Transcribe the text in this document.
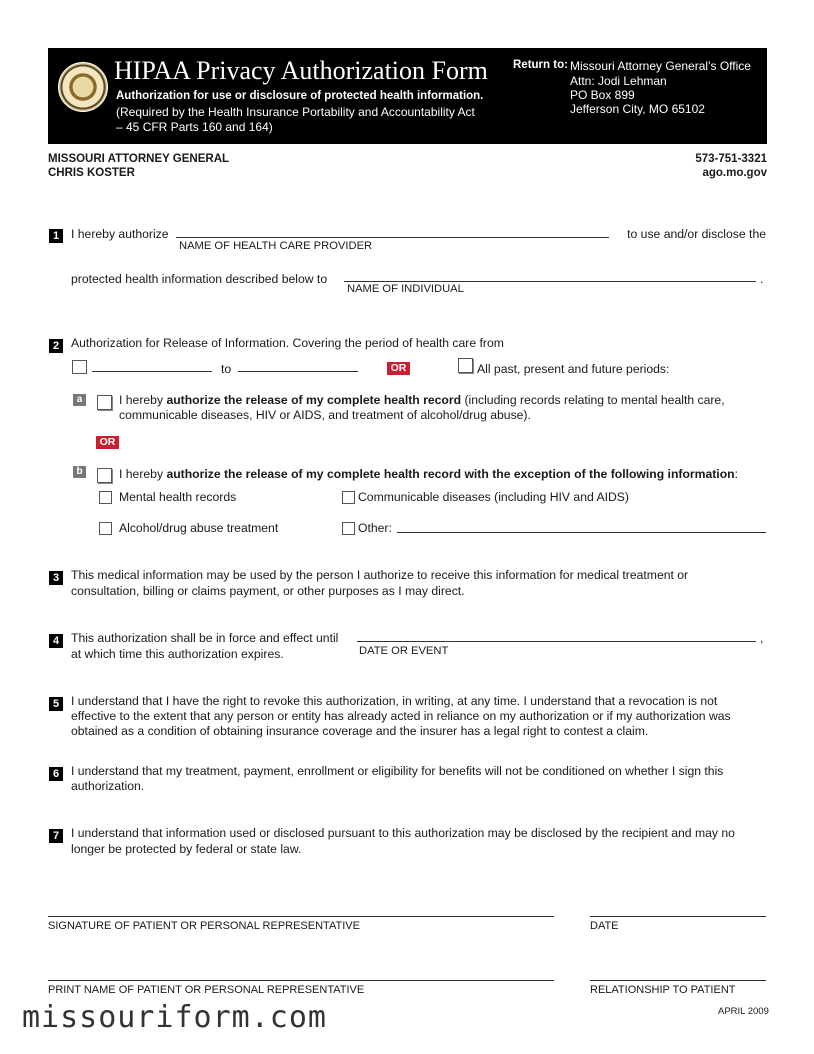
HIPAA Privacy Authorization Form
Authorization for use or disclosure of protected health information.
(Required by the Health Insurance Portability and Accountability Act
– 45 CFR Parts 160 and 164)
Return to: Missouri Attorney General’s Office
Attn: Jodi Lehman
PO Box 899
Jefferson City, MO 65102
MISSOURI ATTORNEY GENERAL
CHRIS KOSTER
573-751-3321
ago.mo.gov
1 I hereby authorize
NAME OF HEALTH CARE PROVIDER
to use and/or disclose the
protected health information described below to
NAME OF INDIVIDUAL
.
2 Authorization for Release of Information. Covering the period of health care from
to	OR	All past, present and future periods:
a	I hereby authorize the release of my complete health record (including records relating to mental health care,
communicable diseases, HIV or AIDS, and treatment of alcohol/drug abuse).
OR
b	I hereby authorize the release of my complete health record with the exception of the following information:
Mental health records	Communicable diseases (including HIV and AIDS)
Alcohol/drug abuse treatment	Other:
3 This medical information may be used by the person I authorize to receive this information for medical treatment or
consultation, billing or claims payment, or other purposes as I may direct.
4 This authorization shall be in force and effect until
at which time this authorization expires.	DATE OR EVENT
,
5 I understand that I have the right to revoke this authorization, in writing, at any time. I understand that a revocation is not
effective to the extent that any person or entity has already acted in reliance on my authorization or if my authorization was
obtained as a condition of obtaining insurance coverage and the insurer has a legal right to contest a claim.
6 I understand that my treatment, payment, enrollment or eligibility for benefits will not be conditioned on whether I sign this
authorization.
7 I understand that information used or disclosed pursuant to this authorization may be disclosed by the recipient and may no
longer be protected by federal or state law.
SIGNATURE OF PATIENT OR PERSONAL REPRESENTATIVE	DATE
PRINT NAME OF PATIENT OR PERSONAL REPRESENTATIVE	RELATIONSHIP TO PATIENT
missouriform.com	APRIL 2009
